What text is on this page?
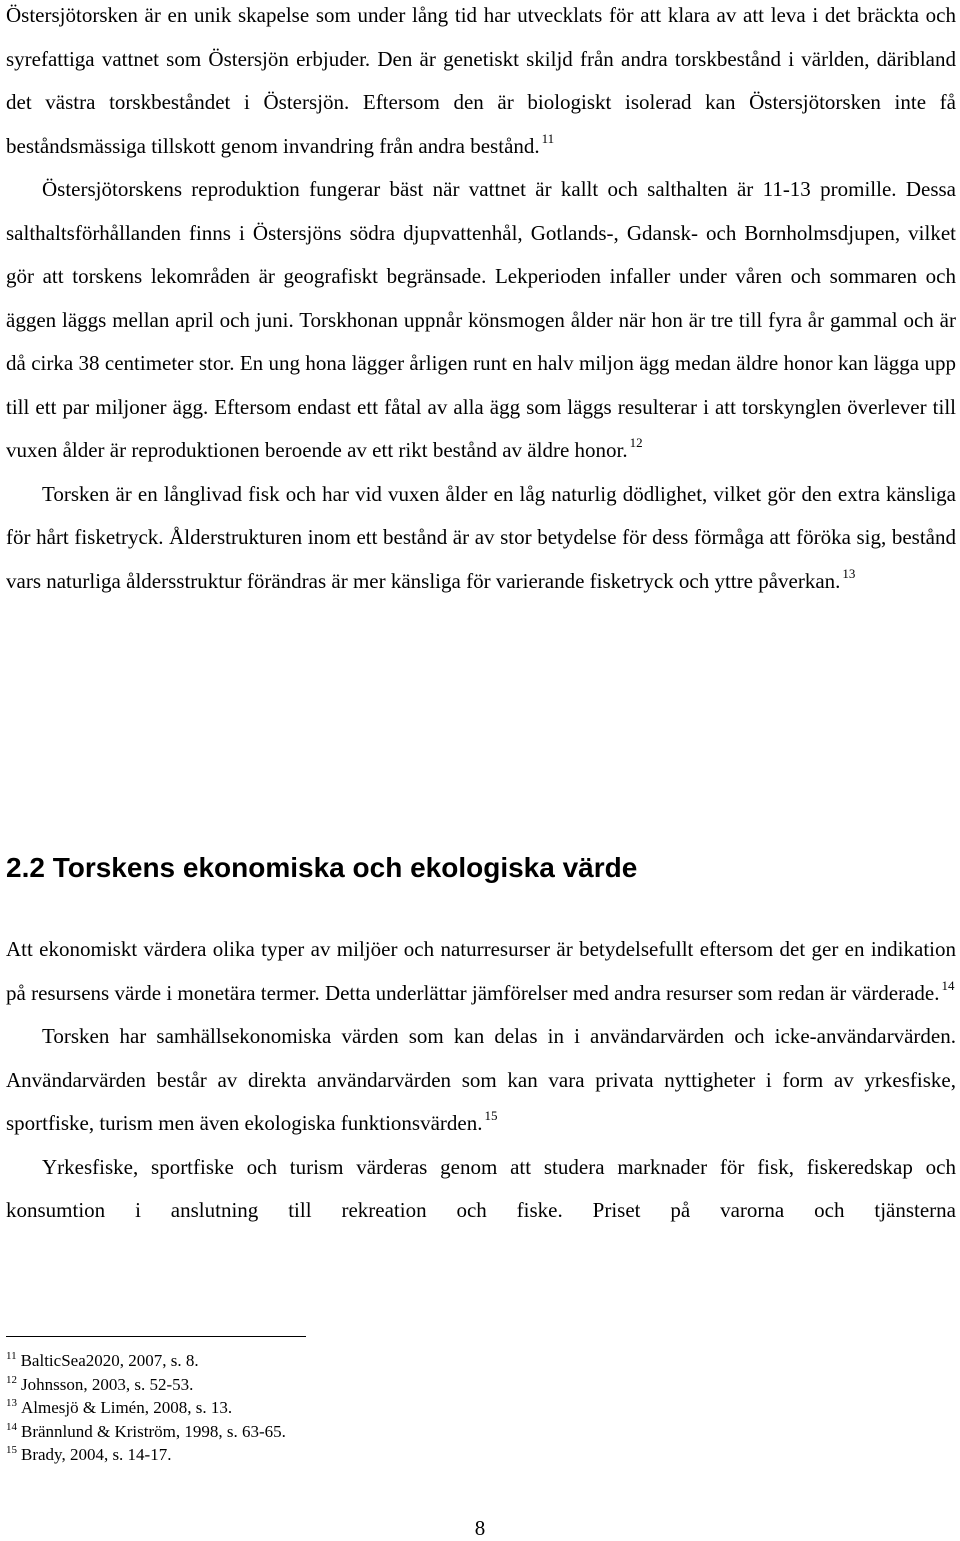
Östersjötorsken är en unik skapelse som under lång tid har utvecklats för att klara av att leva i det bräckta och syrefattiga vattnet som Östersjön erbjuder. Den är genetiskt skiljd från andra torskbestånd i världen, däribland det västra torskbeståndet i Östersjön. Eftersom den är biologiskt isolerad kan Östersjötorsken inte få beståndsmässiga tillskott genom invandring från andra bestånd. $^{11}$

Östersjötorskens reproduktion fungerar bäst när vattnet är kallt och salthalten är 11-13 promille. Dessa salthaltsförhållanden finns i Östersjöns södra djupvattenhål, Gotlands-, Gdansk- och Bornholmsdjupen, vilket gör att torskens lekområden är geografiskt begränsade. Lekperioden infaller under våren och sommaren och äggen läggs mellan april och juni. Torskhonan uppnår könsmogen ålder när hon är tre till fyra år gammal och är då cirka 38 centimeter stor. En ung hona lägger årligen runt en halv miljon ägg medan äldre honor kan lägga upp till ett par miljoner ägg. Eftersom endast ett fåtal av alla ägg som läggs resulterar i att torskynglen överlever till vuxen ålder är reproduktionen beroende av ett rikt bestånd av äldre honor. $^{12}$

Torsken är en långlivad fisk och har vid vuxen ålder en låg naturlig dödlighet, vilket gör den extra känsliga för hårt fisketryck. Ålderstrukturen inom ett bestånd är av stor betydelse för dess förmåga att föröka sig, bestånd vars naturliga åldersstruktur förändras är mer känsliga för varierande fisketryck och yttre påverkan. $^{13}$

2.2 Torskens ekonomiska och ekologiska värde

Att ekonomiskt värdera olika typer av miljöer och naturresurser är betydelsefullt eftersom det ger en indikation på resursens värde i monetära termer. Detta underlättar jämförelser med andra resurser som redan är värderade. $^{14}$

Torsken har samhällsekonomiska värden som kan delas in i användarvärden och icke-användarvärden. Användarvärden består av direkta användarvärden som kan vara privata nyttigheter i form av yrkesfiske, sportfiske, turism men även ekologiska funktionsvärden. $^{15}$

Yrkesfiske, sportfiske och turism värderas genom att studera marknader för fisk, fiskeredskap och konsumtion i anslutning till rekreation och fiske. Priset på varorna och tjänsterna

$^{11}$ BalticSea2020, 2007, s. 8.
$^{12}$ Johnsson, 2003, s. 52-53.
$^{13}$ Almesjö & Limén, 2008, s. 13.
$^{14}$ Brännlund & Kriström, 1998, s. 63-65.
$^{15}$ Brady, 2004, s. 14-17.
8
